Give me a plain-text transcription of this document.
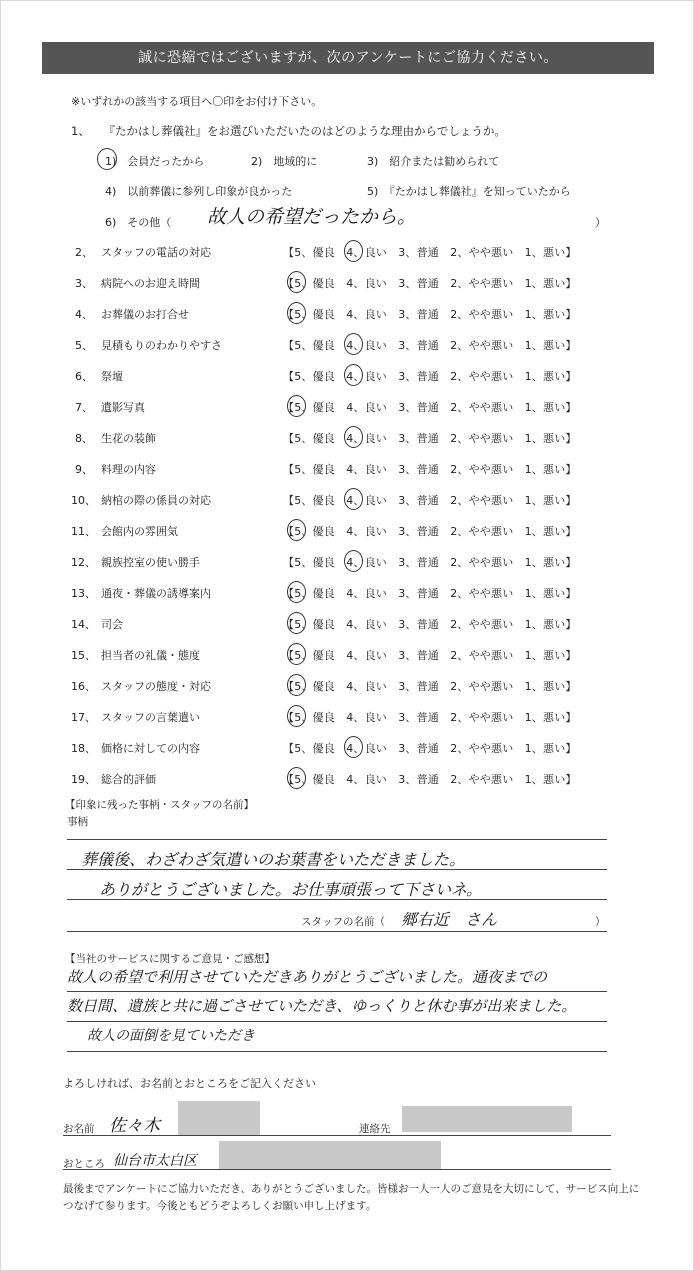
誠に恐縮ではございますが、次のアンケートにご協力ください。
※いずれかの該当する項目へ〇印をお付け下さい。
1、 『たかはし葬儀社』をお選びいただいたのはどのような理由からでしょうか。
1)　会員だったから	2)　地域的に	3)　紹介または勧められて
4)　以前葬儀に参列し印象が良かった	5)　『たかはし葬儀社』を知っていたから
6)　その他（ 故人の希望だったから。	）
2、 スタッフの電話の対応	【5、優良　4、良い　3、普通　2、やや悪い　1、悪い】
3、 病院へのお迎え時間	【5、優良　4、良い　3、普通　2、やや悪い　1、悪い】
4、 お葬儀のお打合せ	【5、優良　4、良い　3、普通　2、やや悪い　1、悪い】
5、 見積もりのわかりやすさ	【5、優良　4、良い　3、普通　2、やや悪い　1、悪い】
6、 祭壇	【5、優良　4、良い　3、普通　2、やや悪い　1、悪い】
7、 遺影写真	【5、優良　4、良い　3、普通　2、やや悪い　1、悪い】
8、 生花の装飾	【5、優良　4、良い　3、普通　2、やや悪い　1、悪い】
9、 料理の内容	【5、優良　4、良い　3、普通　2、やや悪い　1、悪い】
10、 納棺の際の係員の対応	【5、優良　4、良い　3、普通　2、やや悪い　1、悪い】
11、 会館内の雰囲気	【5、優良　4、良い　3、普通　2、やや悪い　1、悪い】
12、 親族控室の使い勝手	【5、優良　4、良い　3、普通　2、やや悪い　1、悪い】
13、 通夜・葬儀の誘導案内	【5、優良　4、良い　3、普通　2、やや悪い　1、悪い】
14、 司会	【5、優良　4、良い　3、普通　2、やや悪い　1、悪い】
15、 担当者の礼儀・態度	【5、優良　4、良い　3、普通　2、やや悪い　1、悪い】
16、 スタッフの態度・対応	【5、優良　4、良い　3、普通　2、やや悪い　1、悪い】
17、 スタッフの言葉遣い	【5、優良　4、良い　3、普通　2、やや悪い　1、悪い】
18、 価格に対しての内容	【5、優良　4、良い　3、普通　2、やや悪い　1、悪い】
19、 総合的評価	【5、優良　4、良い　3、普通　2、やや悪い　1、悪い】
【印象に残った事柄・スタッフの名前】
事柄
葬儀後、わざわざ気遣いのお葉書をいただきました。
ありがとうございました。お仕事頑張って下さいネ。
スタッフの名前（ 郷右近　さん	）
【当社のサービスに関するご意見・ご感想】
故人の希望で利用させていただきありがとうございました。通夜までの
数日間、遺族と共に過ごさせていただき、ゆっくりと休む事が出来ました。
故人の面倒を見ていただき
よろしければ、お名前とおところをご記入ください
お名前 佐々木	連絡先
おところ 仙台市太白区
最後までアンケートにご協力いただき、ありがとうございました。皆様お一人一人のご意見を大切にして、サービス向上につなげて参ります。今後ともどうぞよろしくお願い申し上げます。
